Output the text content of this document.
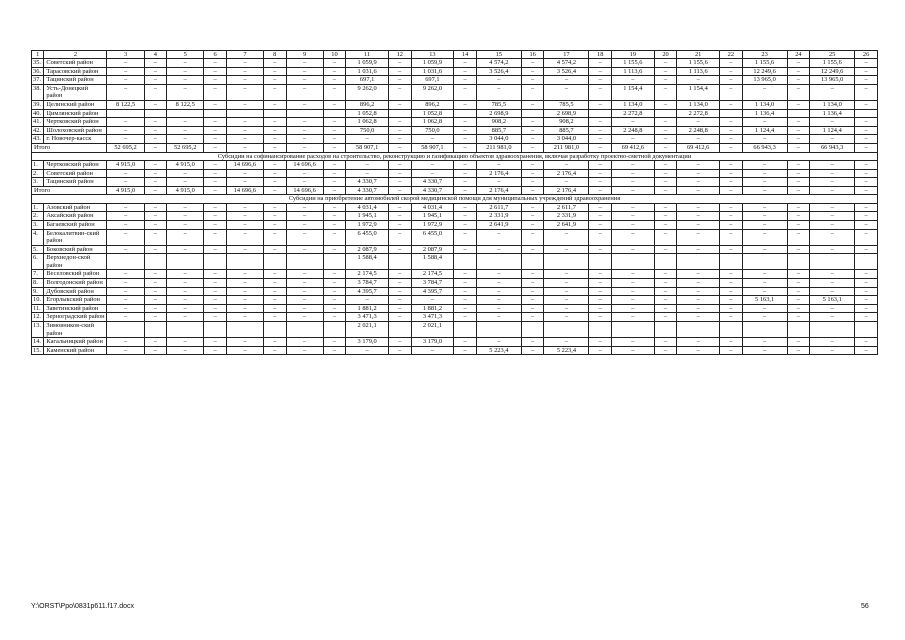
1	2	3	4	5	6	7	8	9	10	11	12	13	14	15	16	17	18	19	20	21	22	23	24	25	26
35.	Советский район	–	–	–	–	–	–	–	–	1 059,9	–	1 059,9	–	4 574,2	–	4 574,2	–	1 155,6	–	1 155,6	–	1 155,6	–	1 155,6	–
36.	Тарасовский район	–	–	–	–	–	–	–	–	1 031,6	–	1 031,6	–	3 526,4	–	3 526,4	–	1 113,6	–	1 113,6	–	12 249,6	–	12 249,6	–
37.	Тацинский район	–	–	–	–	–	–	–	–	697,1	–	697,1	–	–	–	–	–	–	–	–	–	13 965,0	–	13 965,0	–
38.	Усть-Донецкий район	–	–	–	–	–	–	–	–	9 262,0	–	9 262,0	–	–	–	–	–	1 154,4	–	1 154,4	–	–	–	–	–
39.	Целинский район	8 122,5	–	8 122,5	–	–	–	–	–	896,2	–	896,2	–	785,5	–	785,5	–	1 134,0	–	1 134,0	–	1 134,0	–	1 134,0	–
40.	Цимлянский район									1 052,8		1 052,8		2 698,9		2 698,9		2 272,8		2 272,8		1 136,4		1 136,4	
41.	Чертковский район	–	–	–	–	–	–	–	–	1 062,8	–	1 062,8	–	908,2	–	908,2	–	–	–	–	–	–	–	–	–
42.	Шолоховский район	–	–	–	–	–	–	–	–	750,0	–	750,0	–	885,7	–	885,7	–	2 248,8	–	2 248,8	–	1 124,4	–	1 124,4	–
43.	г. Новочер-касск	–	–	–	–	–	–	–	–	–	–	–	–	3 044,0	–	3 044,0	–	–	–	–	–	–	–	–	–
Итого		52 695,2	–	52 695,2	–	–	–	–	–	58 907,1	–	58 907,1	–	211 981,0	–	211 981,0	–	69 412,6	–	69 412,6	–	66 943,3	–	66 943,3	–
Субсидии на софинансирование расходов на строительство, реконструкцию и газификацию объектов здравоохранения, включая разработку проектно-сметной документации																									
1.	Чертковский район	4 915,0	–	4 915,0	–	14 696,6	–	14 696,6	–	–	–	–	–	–	–	–	–	–	–	–	–	–	–	–	–
2.	Советский район	–	–	–	–	–	–	–	–	–	–	–	–	2 176,4	–	2 176,4	–	–	–	–	–	–	–	–	–
3.	Тацинский район	–	–	–	–	–	–	–	–	4 330,7	–	4 330,7	–	–	–	–	–	–	–	–	–	–	–	–	–
Итого		4 915,0	–	4 915,0	–	14 696,6	–	14 696,6	–	4 330,7	–	4 330,7	–	2 176,4	–	2 176,4	–	–	–	–	–	–	–	–	–
Субсидии на приобретение автомобилей скорой медицинской помощи для муниципальных учреждений здравоохранения																									
1.	Азовский район	–	–	–	–	–	–	–	–	4 031,4	–	4 031,4	–	2 611,7	–	2 611,7	–	–	–	–	–	–	–	–	–
2.	Аксайский район	–	–	–	–	–	–	–	–	1 945,1	–	1 945,1	–	2 331,9	–	2 331,9	–	–	–	–	–	–	–	–	–
3.	Багаевский район	–	–	–	–	–	–	–	–	1 972,9	–	1 972,9	–	2 641,9	–	2 641,9	–	–	–	–	–	–	–	–	–
4.	Белокалитвин-ский район	–	–	–	–	–	–	–	–	6 455,0	–	6 455,0	–	–	–	–	–	–	–	–	–	–	–	–	–
5.	Боковский район	–	–	–	–	–	–	–	–	2 087,9	–	2 087,9	–	–	–	–	–	–	–	–	–	–	–	–	–
6.	Верхнедон-ской район									1 588,4		1 588,4													
7.	Веселовский район	–	–	–	–	–	–	–	–	2 174,5	–	2 174,5	–	–	–	–	–	–	–	–	–	–	–	–	–
8.	Волгодонский район	–	–	–	–	–	–	–	–	3 784,7	–	3 784,7	–	–	–	–	–	–	–	–	–	–	–	–	–
9.	Дубовский район	–	–	–	–	–	–	–	–	4 395,7	–	4 395,7	–	–	–	–	–	–	–	–	–	–	–	–	–
10.	Егорлыкский район	–	–	–	–	–	–	–	–	–	–	–	–	–	–	–	–	–	–	–	–	5 163,1	–	5 163,1	–
11.	Заветинский район	–	–	–	–	–	–	–	–	1 881,2	–	1 881,2	–	–	–	–	–	–	–	–	–	–	–	–	–
12.	Зерноградский район	–	–	–	–	–	–	–	–	3 471,3	–	3 471,3	–	–	–	–	–	–	–	–	–	–	–	–	–
13.	Зимовников-ский район									2 021,1		2 021,1													
14.	Кагальницкий район	–	–	–	–	–	–	–	–	3 179,0	–	3 179,0	–	–	–	–	–	–	–	–	–	–	–	–	–
15.	Каменский район	–	–	–	–	–	–	–	–	–	–	–	–	5 223,4	–	5 223,4	–	–	–	–	–	–	–	–	–
Y:\ORST\Ppo\0831p611.f17.docx	56
